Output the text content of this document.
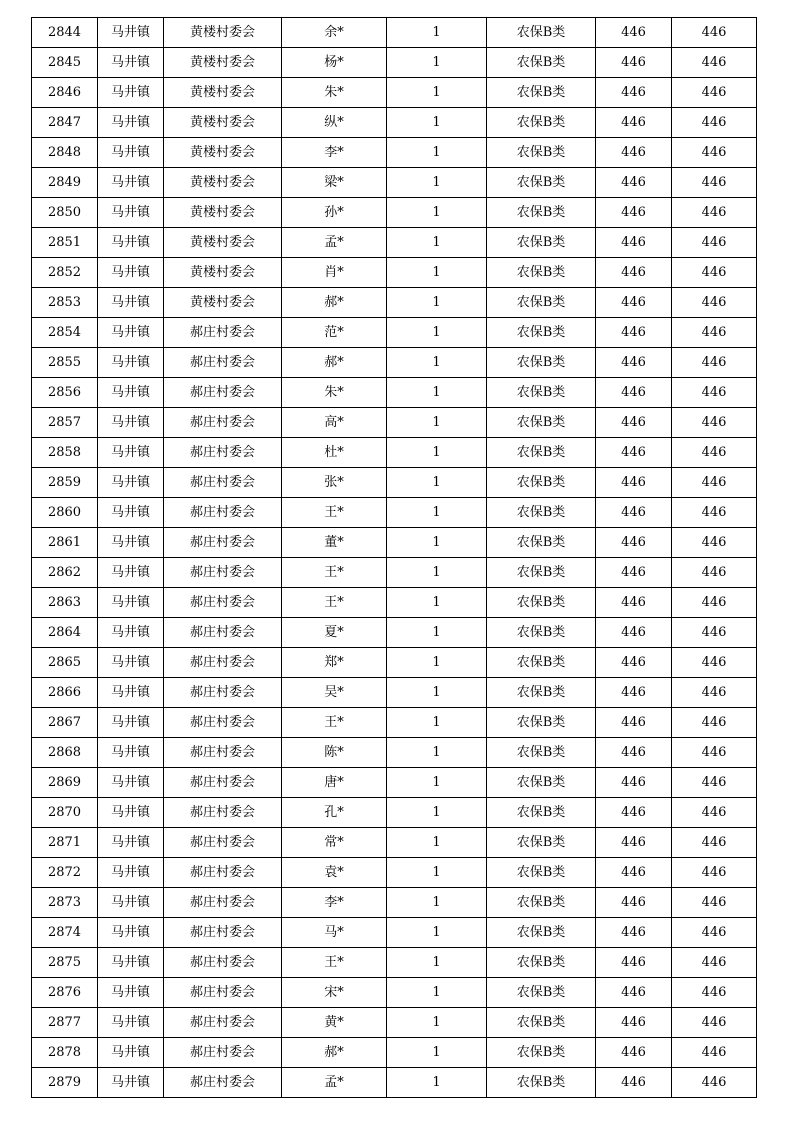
2844	马井镇	黄楼村委会	余*	1	农保B类	446	446
2845	马井镇	黄楼村委会	杨*	1	农保B类	446	446
2846	马井镇	黄楼村委会	朱*	1	农保B类	446	446
2847	马井镇	黄楼村委会	纵*	1	农保B类	446	446
2848	马井镇	黄楼村委会	李*	1	农保B类	446	446
2849	马井镇	黄楼村委会	梁*	1	农保B类	446	446
2850	马井镇	黄楼村委会	孙*	1	农保B类	446	446
2851	马井镇	黄楼村委会	孟*	1	农保B类	446	446
2852	马井镇	黄楼村委会	肖*	1	农保B类	446	446
2853	马井镇	黄楼村委会	郝*	1	农保B类	446	446
2854	马井镇	郝庄村委会	范*	1	农保B类	446	446
2855	马井镇	郝庄村委会	郝*	1	农保B类	446	446
2856	马井镇	郝庄村委会	朱*	1	农保B类	446	446
2857	马井镇	郝庄村委会	高*	1	农保B类	446	446
2858	马井镇	郝庄村委会	杜*	1	农保B类	446	446
2859	马井镇	郝庄村委会	张*	1	农保B类	446	446
2860	马井镇	郝庄村委会	王*	1	农保B类	446	446
2861	马井镇	郝庄村委会	董*	1	农保B类	446	446
2862	马井镇	郝庄村委会	王*	1	农保B类	446	446
2863	马井镇	郝庄村委会	王*	1	农保B类	446	446
2864	马井镇	郝庄村委会	夏*	1	农保B类	446	446
2865	马井镇	郝庄村委会	郑*	1	农保B类	446	446
2866	马井镇	郝庄村委会	吴*	1	农保B类	446	446
2867	马井镇	郝庄村委会	王*	1	农保B类	446	446
2868	马井镇	郝庄村委会	陈*	1	农保B类	446	446
2869	马井镇	郝庄村委会	唐*	1	农保B类	446	446
2870	马井镇	郝庄村委会	孔*	1	农保B类	446	446
2871	马井镇	郝庄村委会	常*	1	农保B类	446	446
2872	马井镇	郝庄村委会	袁*	1	农保B类	446	446
2873	马井镇	郝庄村委会	李*	1	农保B类	446	446
2874	马井镇	郝庄村委会	马*	1	农保B类	446	446
2875	马井镇	郝庄村委会	王*	1	农保B类	446	446
2876	马井镇	郝庄村委会	宋*	1	农保B类	446	446
2877	马井镇	郝庄村委会	黄*	1	农保B类	446	446
2878	马井镇	郝庄村委会	郝*	1	农保B类	446	446
2879	马井镇	郝庄村委会	孟*	1	农保B类	446	446
